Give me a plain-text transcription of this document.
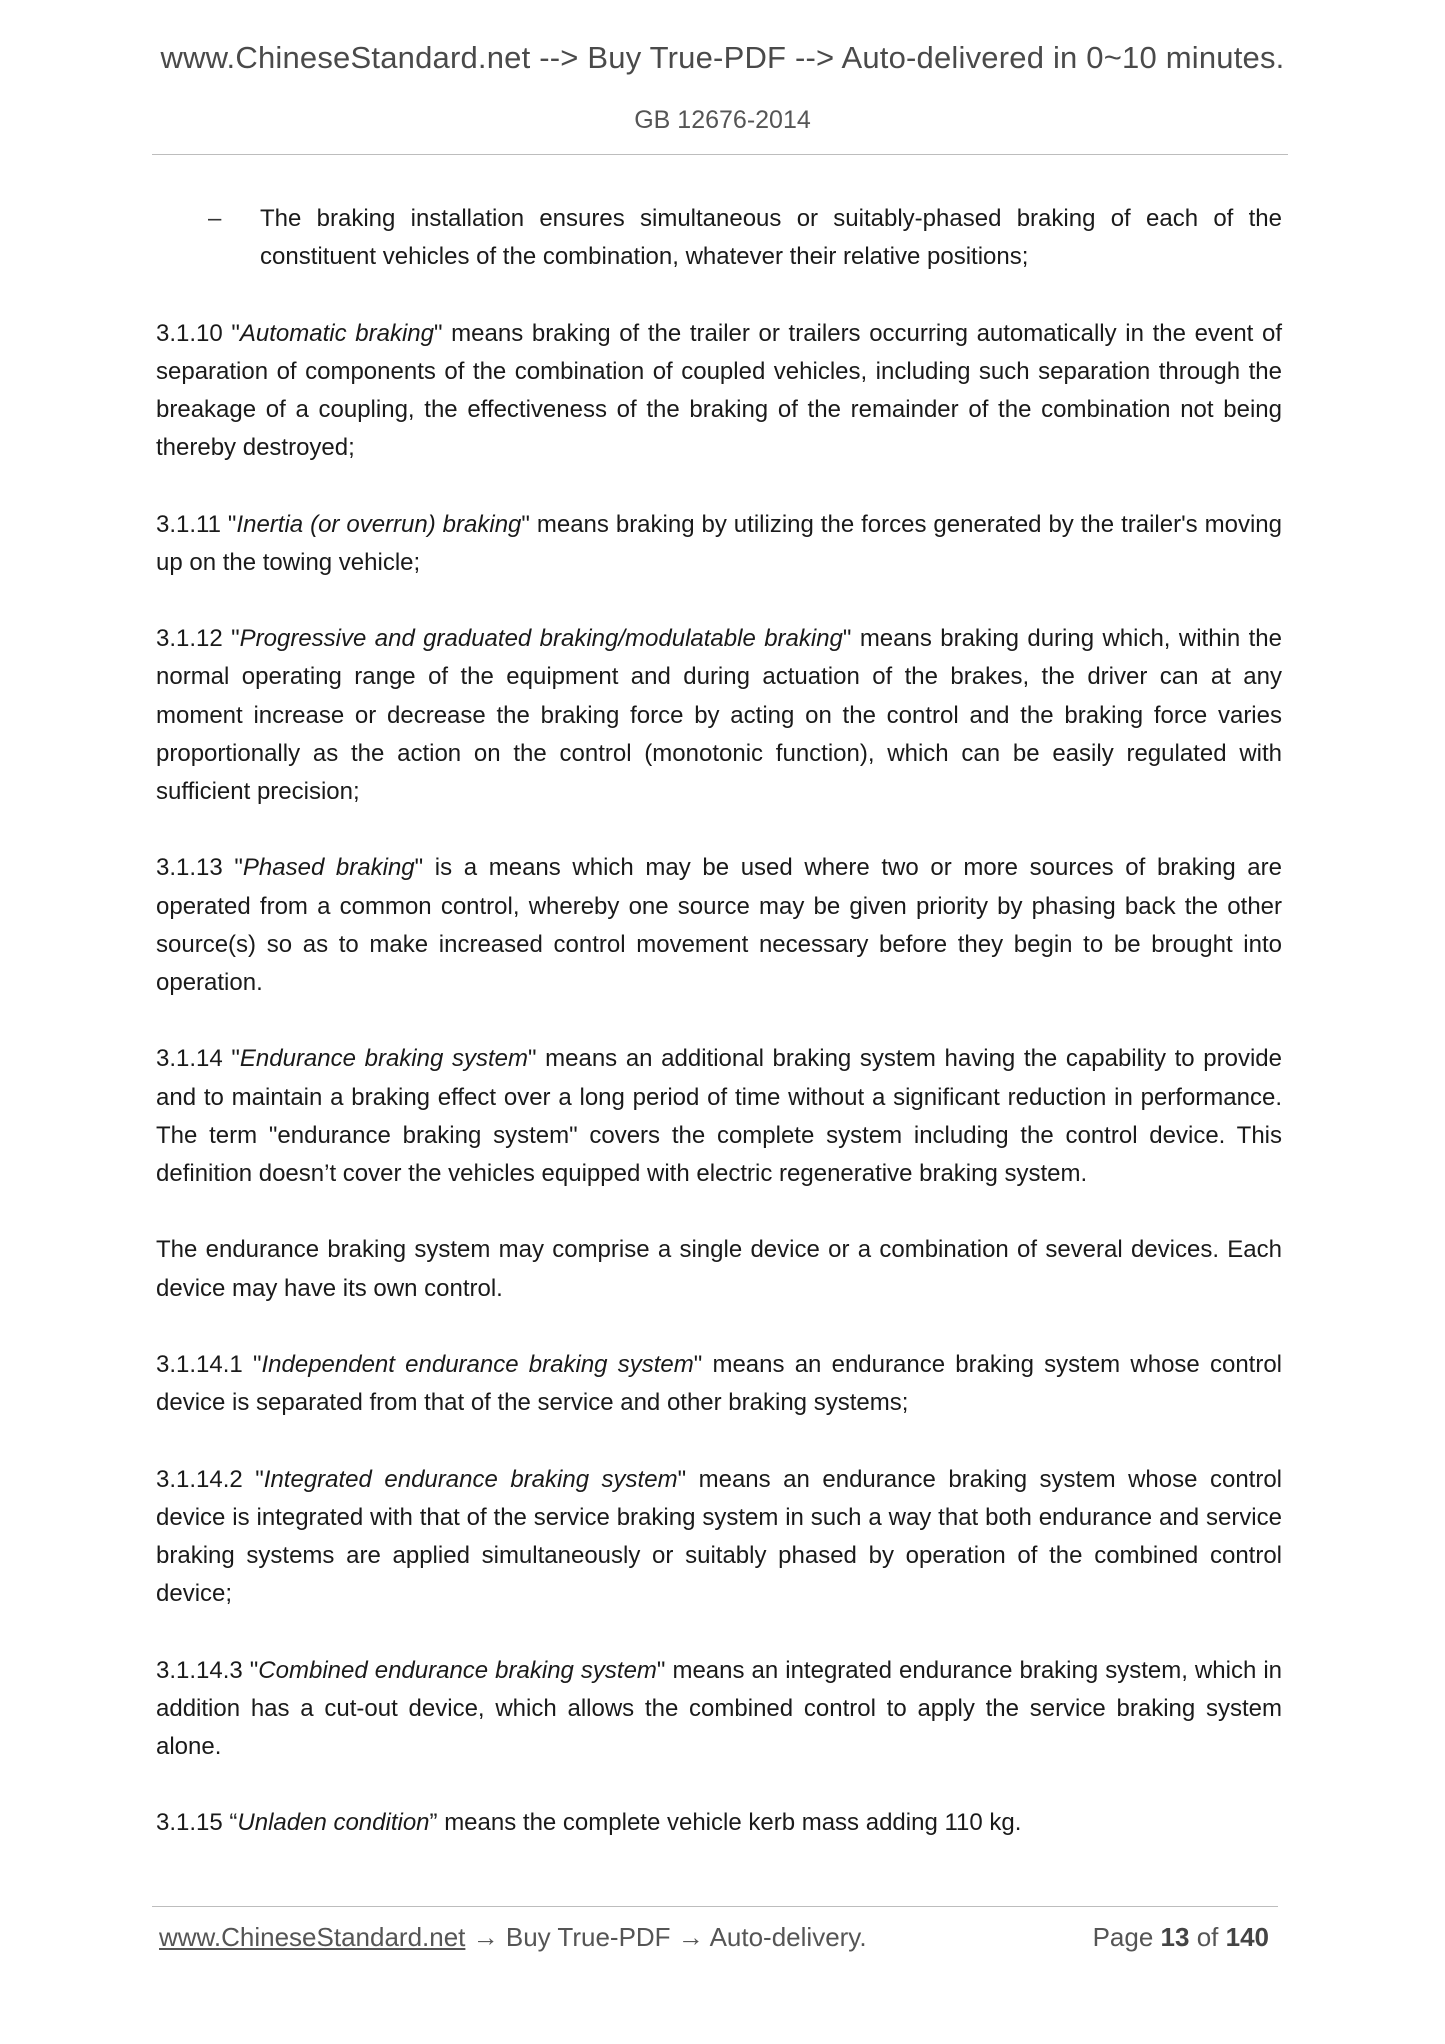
www.ChineseStandard.net --> Buy True-PDF --> Auto-delivered in 0~10 minutes.
GB 12676-2014
–	The braking installation ensures simultaneous or suitably-phased braking of each of the constituent vehicles of the combination, whatever their relative positions;

3.1.10 "Automatic braking" means braking of the trailer or trailers occurring automatically in the event of separation of components of the combination of coupled vehicles, including such separation through the breakage of a coupling, the effectiveness of the braking of the remainder of the combination not being thereby destroyed;

3.1.11 "Inertia (or overrun) braking" means braking by utilizing the forces generated by the trailer's moving up on the towing vehicle;

3.1.12 "Progressive and graduated braking/modulatable braking" means braking during which, within the normal operating range of the equipment and during actuation of the brakes, the driver can at any moment increase or decrease the braking force by acting on the control and the braking force varies proportionally as the action on the control (monotonic function), which can be easily regulated with sufficient precision;

3.1.13 "Phased braking" is a means which may be used where two or more sources of braking are operated from a common control, whereby one source may be given priority by phasing back the other source(s) so as to make increased control movement necessary before they begin to be brought into operation.

3.1.14 "Endurance braking system" means an additional braking system having the capability to provide and to maintain a braking effect over a long period of time without a significant reduction in performance. The term "endurance braking system" covers the complete system including the control device. This definition doesn’t cover the vehicles equipped with electric regenerative braking system.

The endurance braking system may comprise a single device or a combination of several devices. Each device may have its own control.

3.1.14.1 "Independent endurance braking system" means an endurance braking system whose control device is separated from that of the service and other braking systems;

3.1.14.2 "Integrated endurance braking system" means an endurance braking system whose control device is integrated with that of the service braking system in such a way that both endurance and service braking systems are applied simultaneously or suitably phased by operation of the combined control device;

3.1.14.3 "Combined endurance braking system" means an integrated endurance braking system, which in addition has a cut-out device, which allows the combined control to apply the service braking system alone.

3.1.15 “Unladen condition” means the complete vehicle kerb mass adding 110 kg.

www.ChineseStandard.net → Buy True-PDF → Auto-delivery.	Page 13 of 140
